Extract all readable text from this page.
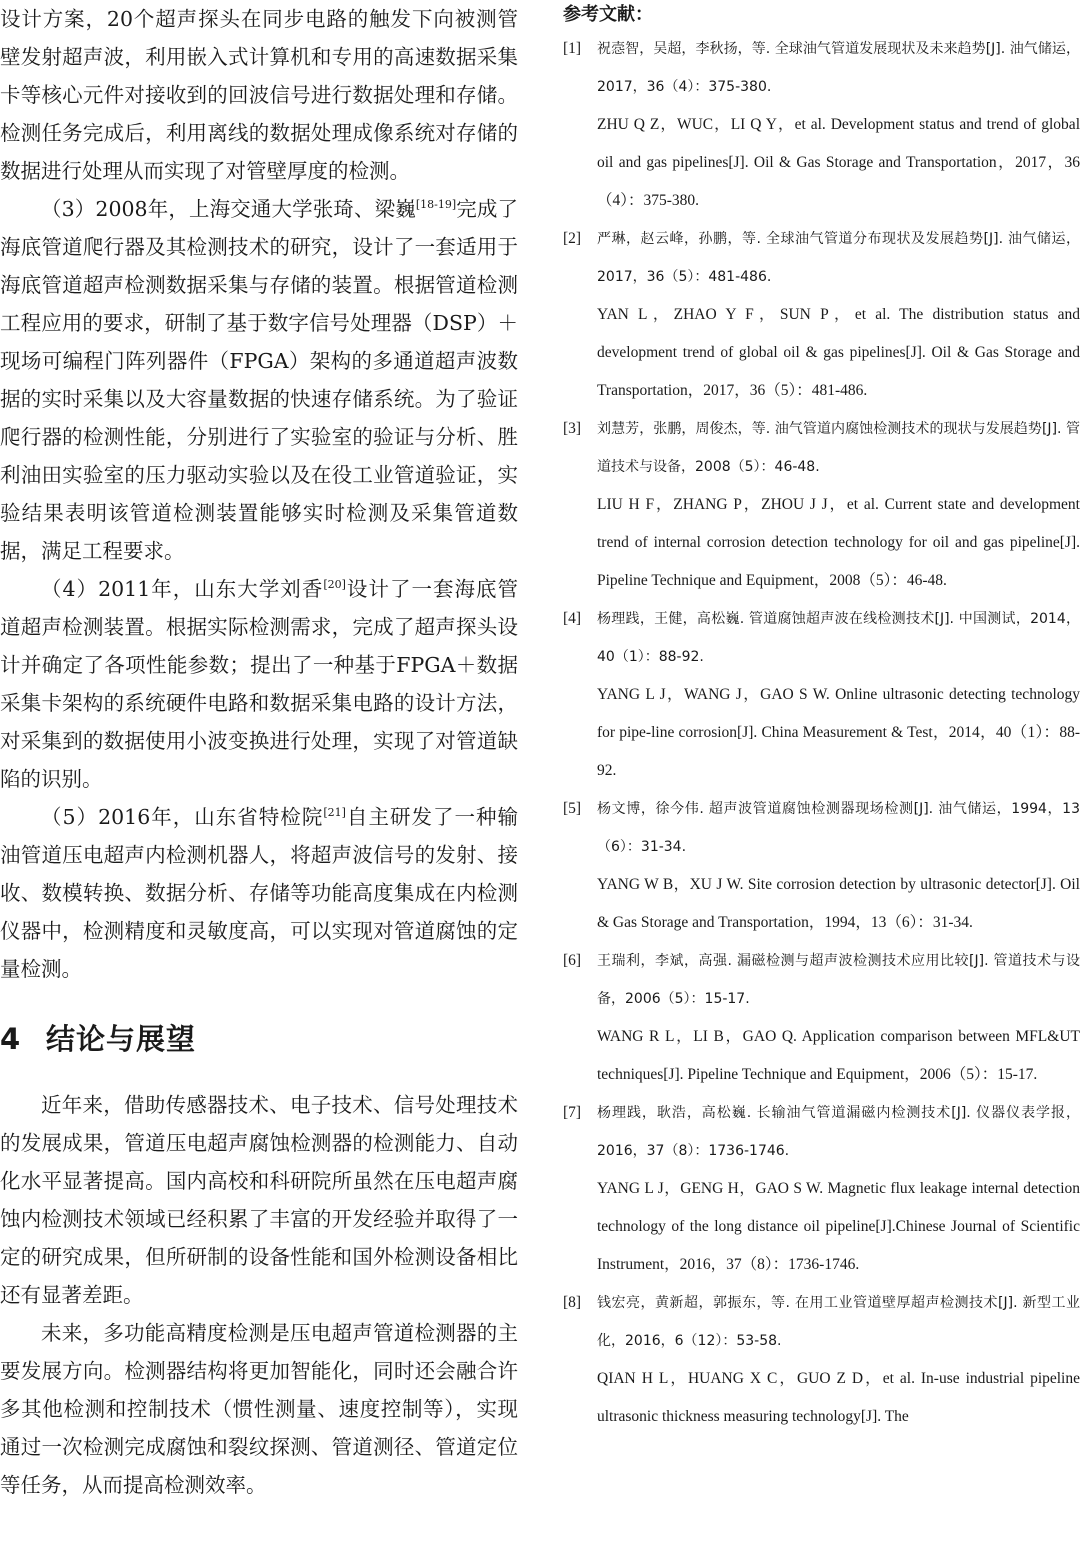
设计方案，20个超声探头在同步电路的触发下向被测管壁发射超声波，利用嵌入式计算机和专用的高速数据采集卡等核心元件对接收到的回波信号进行数据处理和存储。检测任务完成后，利用离线的数据处理成像系统对存储的数据进行处理从而实现了对管壁厚度的检测。

（3）2008年，上海交通大学张琦、梁巍[18-19]完成了海底管道爬行器及其检测技术的研究，设计了一套适用于海底管道超声检测数据采集与存储的装置。根据管道检测工程应用的要求，研制了基于数字信号处理器（DSP）＋现场可编程门阵列器件（FPGA）架构的多通道超声波数据的实时采集以及大容量数据的快速存储系统。为了验证爬行器的检测性能，分别进行了实验室的验证与分析、胜利油田实验室的压力驱动实验以及在役工业管道验证，实验结果表明该管道检测装置能够实时检测及采集管道数据，满足工程要求。

（4）2011年，山东大学刘香[20]设计了一套海底管道超声检测装置。根据实际检测需求，完成了超声探头设计并确定了各项性能参数；提出了一种基于FPGA＋数据采集卡架构的系统硬件电路和数据采集电路的设计方法，对采集到的数据使用小波变换进行处理，实现了对管道缺陷的识别。

（5）2016年，山东省特检院[21]自主研发了一种输油管道压电超声内检测机器人，将超声波信号的发射、接收、数模转换、数据分析、存储等功能高度集成在内检测仪器中，检测精度和灵敏度高，可以实现对管道腐蚀的定量检测。

4 结论与展望

近年来，借助传感器技术、电子技术、信号处理技术的发展成果，管道压电超声腐蚀检测器的检测能力、自动化水平显著提高。国内高校和科研院所虽然在压电超声腐蚀内检测技术领域已经积累了丰富的开发经验并取得了一定的研究成果，但所研制的设备性能和国外检测设备相比还有显著差距。

未来，多功能高精度检测是压电超声管道检测器的主要发展方向。检测器结构将更加智能化，同时还会融合许多其他检测和控制技术（惯性测量、速度控制等），实现通过一次检测完成腐蚀和裂纹探测、管道测径、管道定位等任务，从而提高检测效率。

参考文献：
[1]	祝悫智，吴超，李秋扬，等. 全球油气管道发展现状及未来趋势[J]. 油气储运，2017，36（4）：375-380.
ZHU Q Z，WUC，LI Q Y，et al. Development status and trend of global oil and gas pipelines[J]. Oil & Gas Storage and Transportation，2017，36（4）：375-380.
[2]	严琳，赵云峰，孙鹏，等. 全球油气管道分布现状及发展趋势[J]. 油气储运，2017，36（5）：481-486.
YAN L，ZHAO Y F，SUN P，et al. The distribution status and development trend of global oil & gas pipelines[J]. Oil & Gas Storage and Transportation，2017，36（5）：481-486.
[3]	刘慧芳，张鹏，周俊杰，等. 油气管道内腐蚀检测技术的现状与发展趋势[J]. 管道技术与设备，2008（5）：46-48.
LIU H F，ZHANG P，ZHOU J J，et al. Current state and development trend of internal corrosion detection technology for oil and gas pipeline[J]. Pipeline Technique and Equipment，2008（5）：46-48.
[4]	杨理践，王健，高松巍. 管道腐蚀超声波在线检测技术[J]. 中国测试，2014，40（1）：88-92.
YANG L J，WANG J，GAO S W. Online ultrasonic detecting technology for pipe-line corrosion[J]. China Measurement & Test，2014，40（1）：88-92.
[5]	杨文博，徐今伟. 超声波管道腐蚀检测器现场检测[J]. 油气储运，1994，13（6）：31-34.
YANG W B，XU J W. Site corrosion detection by ultrasonic detector[J]. Oil & Gas Storage and Transportation，1994，13（6）：31-34.
[6]	王瑞利，李斌，高强. 漏磁检测与超声波检测技术应用比较[J]. 管道技术与设备，2006（5）：15-17.
WANG R L，LI B，GAO Q. Application comparison between MFL&UT techniques[J]. Pipeline Technique and Equipment，2006（5）：15-17.
[7]	杨理践，耿浩，高松巍. 长输油气管道漏磁内检测技术[J]. 仪器仪表学报，2016，37（8）：1736-1746.
YANG L J，GENG H，GAO S W. Magnetic flux leakage internal detection technology of the long distance oil pipeline[J].Chinese Journal of Scientific Instrument，2016，37（8）：1736-1746.
[8]	钱宏亮，黄新超，郭振东，等. 在用工业管道壁厚超声检测技术[J]. 新型工业化，2016，6（12）：53-58.
QIAN H L，HUANG X C，GUO Z D，et al. In-use industrial pipeline ultrasonic thickness measuring technology[J]. The
